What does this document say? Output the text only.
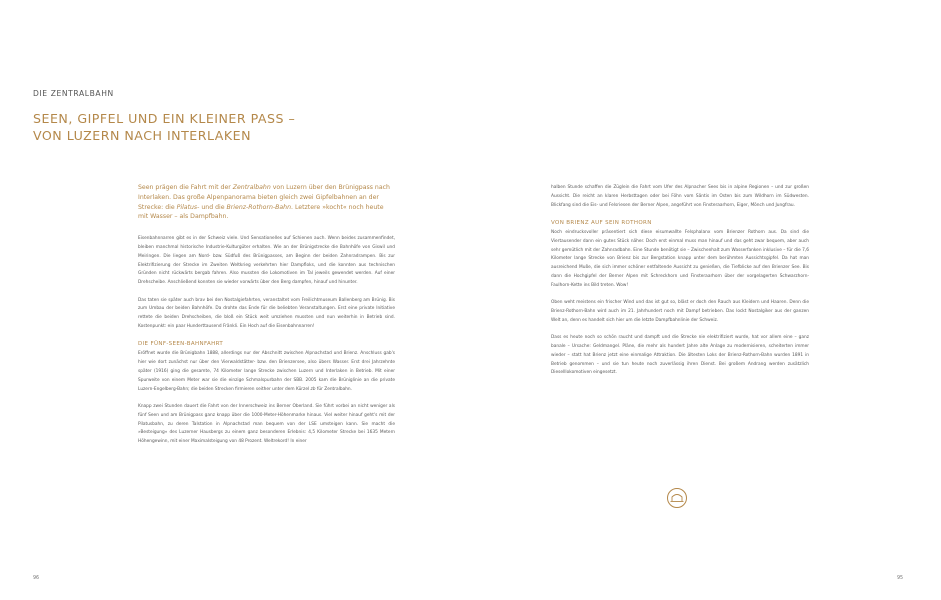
DIE ZENTRALBAHN
SEEN, GIPFEL UND EIN KLEINER PASS –
VON LUZERN NACH INTERLAKEN

Seen prägen die Fahrt mit der Zentralbahn von Luzern über den Brünigpass nach Interlaken. Das große Alpenpanorama bieten gleich zwei Gipfelbahnen an der Strecke: die Pilatus- und die Brienz-Rothorn-Bahn. Letztere »kocht« noch heute mit Wasser – als Dampfbahn.

Eisenbahnnarren gibt es in der Schweiz viele. Und Sensationelles auf Schienen auch. Wenn beides zusammenfindet, bleiben manchmal historische Industrie-Kulturgüter erhalten. Wie an der Brünigstrecke die Bahnhöfe von Giswil und Meiringen. Die liegen am Nord- bzw. Südfuß des Brünigpasses, am Beginn der beiden Zahnradrampen. Bis zur Elektrifizierung der Strecke im Zweiten Weltkrieg verkehrten hier Dampfloks, und die konnten aus technischen Gründen nicht rückwärts bergab fahren. Also mussten die Lokomotiven im Tal jeweils gewendet werden. Auf einer Drehscheibe. Anschließend konnten sie wieder vorwärts über den Berg dampfen, hinauf und hinunter.

Das taten sie später auch brav bei den Nostalgiefahrten, veranstaltet vom Freilichtmuseum Ballenberg am Brünig. Bis zum Umbau der beiden Bahnhöfe. Da drohte das Ende für die beliebten Veranstaltungen. Erst eine private Initiative rettete die beiden Drehscheiben, die bloß ein Stück weit umziehen mussten und nun weiterhin in Betrieb sind. Kostenpunkt: ein paar Hunderttausend Fränkli. Ein Hoch auf die Eisenbahnnarren!

DIE FÜNF-SEEN-BAHNFAHRT

Eröffnet wurde die Brünigbahn 1888, allerdings nur der Abschnitt zwischen Alpnachstad und Brienz. Anschluss gab's hier wie dort zunächst nur über den Vierwaldstätter- bzw. den Brienzersee, also übers Wasser. Erst drei Jahrzehnte später (1916) ging die gesamte, 74 Kilometer lange Strecke zwischen Luzern und Interlaken in Betrieb. Mit einer Spurweite von einem Meter war sie die einzige Schmalspurbahn der SBB. 2005 kam die Brüniglinie an die private Luzern-Engelberg-Bahn; die beiden Strecken firmieren seither unter dem Kürzel zb für Zentralbahn.

Knapp zwei Stunden dauert die Fahrt von der Innerschweiz ins Berner Oberland. Sie führt vorbei an nicht weniger als fünf Seen und am Brünigpass ganz knapp über die 1000-Meter-Höhenmarke hinaus. Viel weiter hinauf geht's mit der Pilatusbahn, zu deren Talstation in Alpnachstad man bequem von der LSE umsteigen kann. Sie macht die »Besteigung« des Luzerner Hausbergs zu einem ganz besonderen Erlebnis: 4,5 Kilometer Strecke bei 1635 Metern Höhengewinn, mit einer Maximalsteigung von 48 Prozent. Weltrekord! In einer

halben Stunde schaffen die Züglein die Fahrt vom Ufer des Alpnacher Sees bis in alpine Regionen – und zur großen Aussicht. Die reicht an klaren Herbsttagen oder bei Föhn vom Säntis im Osten bis zum Wildhorn im Südwesten. Blickfang sind die Eis- und Felsriesen der Berner Alpen, angeführt von Finsteraarhorn, Eiger, Mönch und Jungfrau.

VON BRIENZ AUF SEIN ROTHORN

Noch eindrucksvoller präsentiert sich diese eisumwallte Felsphalanx vom Brienzer Rothorn aus. Da sind die Viertausender dann ein gutes Stück näher. Doch erst einmal muss man hinauf und das geht zwar bequem, aber auch sehr gemütlich mit der Zahnradbahn. Eine Stunde benötigt sie – Zwischenhalt zum Wasserfanken inklusive – für die 7,6 Kilometer lange Strecke von Brienz bis zur Bergstation knapp unter dem berühmten Aussichtsgipfel. Da hat man ausreichend Muße, die sich immer schöner entfaltende Aussicht zu genießen, die Tiefblicke auf den Brienzer See. Bis dann die Hochgipfel der Berner Alpen mit Schreckhorn und Finsteraarhorn über der vorgelagerten Schwarzhorn-Faulhorn-Kette ins Bild treten. Wow!

Oben weht meistens ein frischer Wind und das ist gut so, bläst er doch den Rauch aus Kleidern und Haaren. Denn die Brienz-Rothorn-Bahn wird auch im 21. Jahrhundert noch mit Dampf betrieben. Das lockt Nostalgiker aus der ganzen Welt an, denn es handelt sich hier um die letzte Dampfbahnlinie der Schweiz.

Dass es heute noch so schön raucht und dampft und die Strecke nie elektrifiziert wurde, hat vor allem eine – ganz banale – Ursache: Geldmangel. Pläne, die mehr als hundert Jahre alte Anlage zu modernisieren, scheiterten immer wieder – statt hat Brienz jetzt eine einmalige Attraktion. Die ältesten Loks der Brienz-Rothorn-Bahn wurden 1891 in Betrieb genommen – und sie tun heute noch zuverlässig ihren Dienst. Bei großem Andrang werden zusätzlich Dieselllokomotiven eingesetzt.

96	95
